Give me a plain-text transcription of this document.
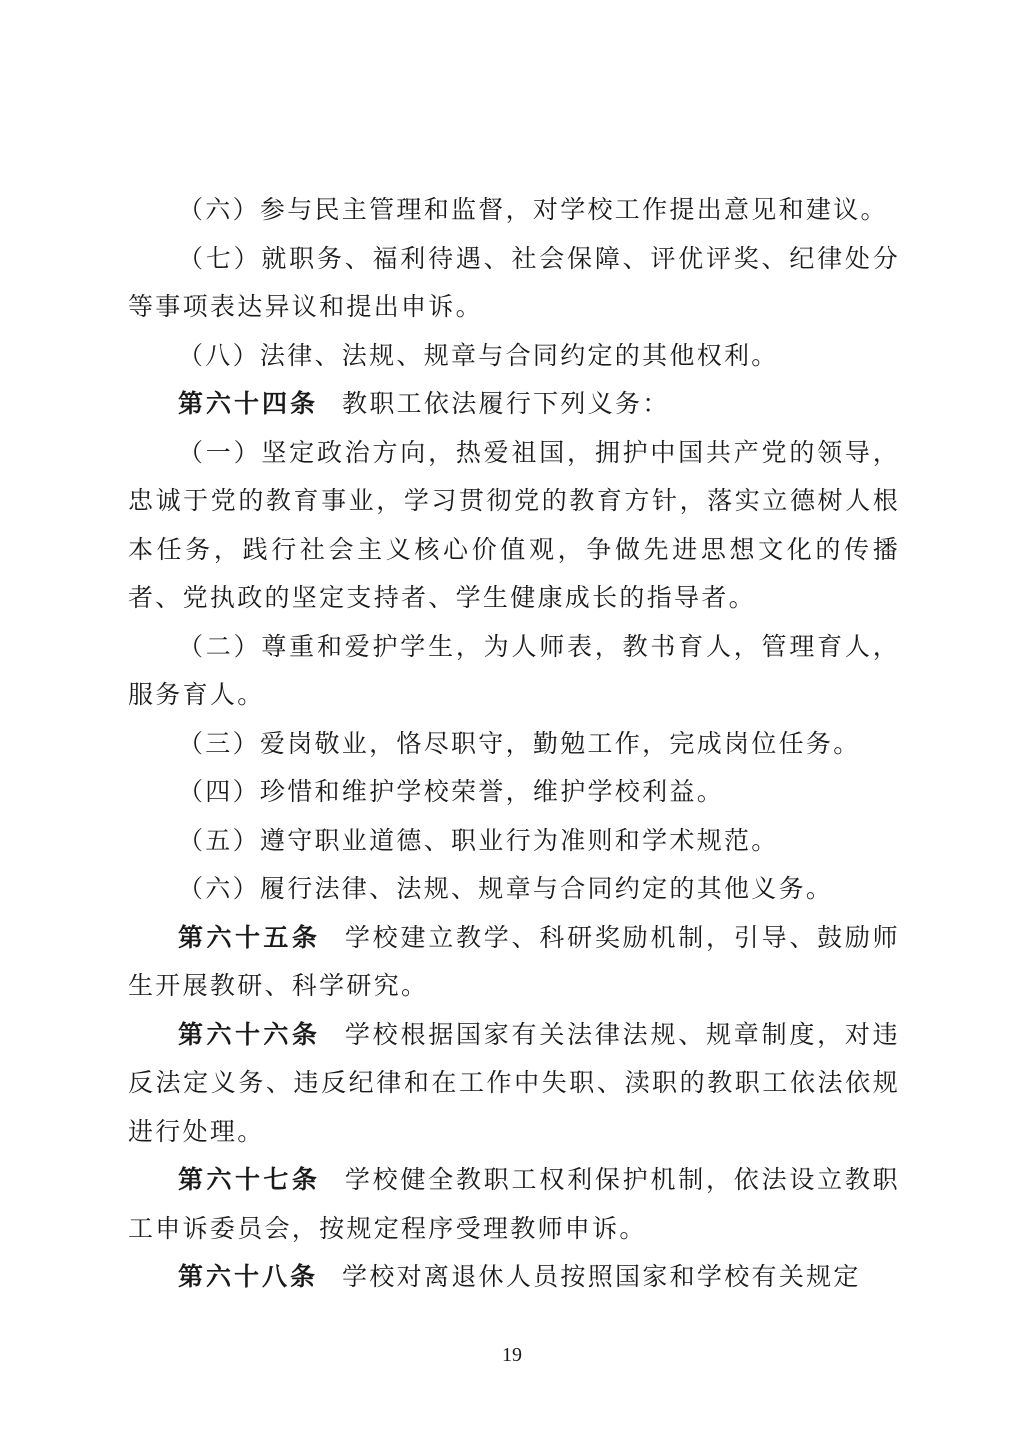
（六）参与民主管理和监督，对学校工作提出意见和建议。

（七）就职务、福利待遇、社会保障、评优评奖、纪律处分等事项表达异议和提出申诉。

（八）法律、法规、规章与合同约定的其他权利。

第六十四条 教职工依法履行下列义务：

（一）坚定政治方向，热爱祖国，拥护中国共产党的领导，忠诚于党的教育事业，学习贯彻党的教育方针，落实立德树人根本任务，践行社会主义核心价值观，争做先进思想文化的传播者、党执政的坚定支持者、学生健康成长的指导者。

（二）尊重和爱护学生，为人师表，教书育人，管理育人，服务育人。

（三）爱岗敬业，恪尽职守，勤勉工作，完成岗位任务。

（四）珍惜和维护学校荣誉，维护学校利益。

（五）遵守职业道德、职业行为准则和学术规范。

（六）履行法律、法规、规章与合同约定的其他义务。

第六十五条 学校建立教学、科研奖励机制，引导、鼓励师生开展教研、科学研究。

第六十六条 学校根据国家有关法律法规、规章制度，对违反法定义务、违反纪律和在工作中失职、渎职的教职工依法依规进行处理。

第六十七条 学校健全教职工权利保护机制，依法设立教职工申诉委员会，按规定程序受理教师申诉。

第六十八条 学校对离退休人员按照国家和学校有关规定

19
